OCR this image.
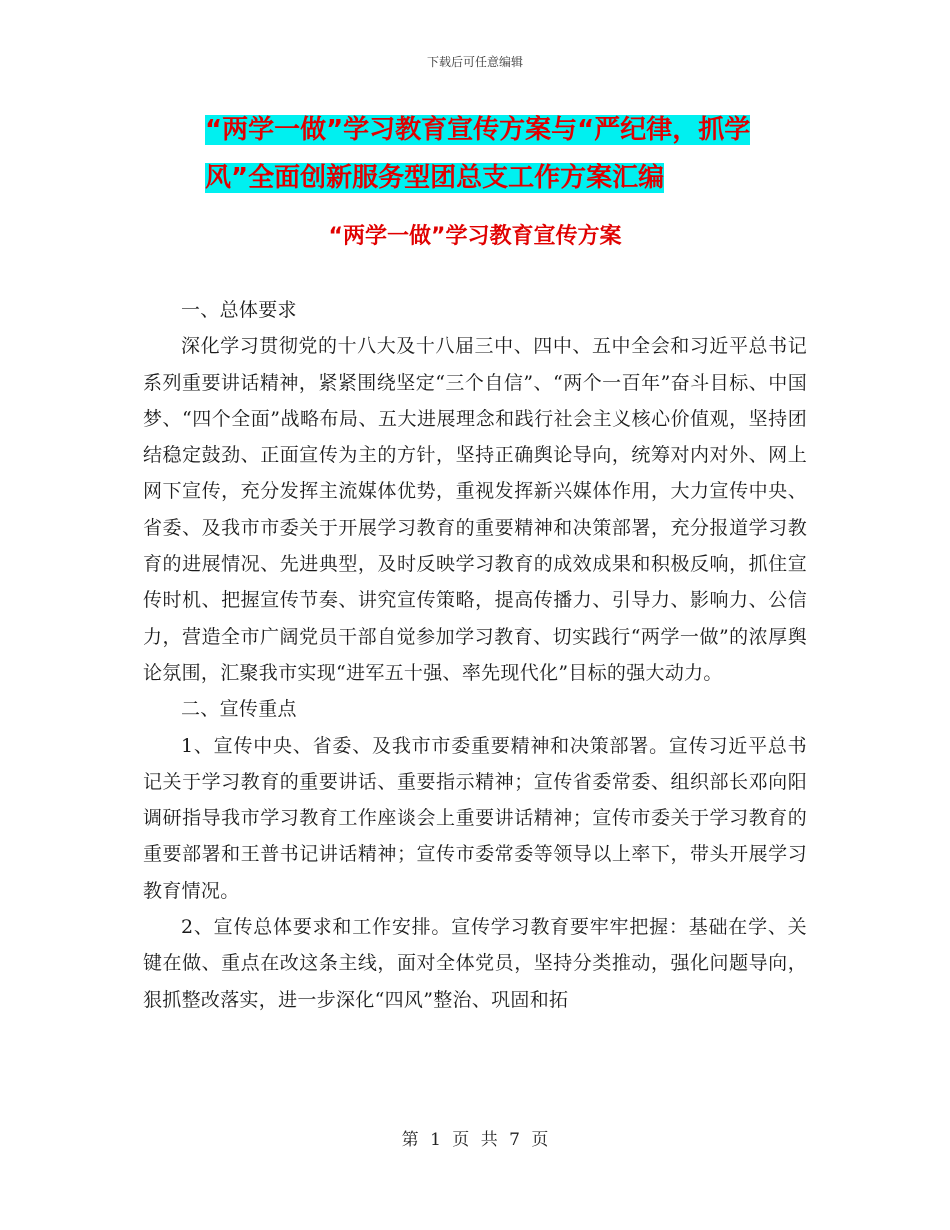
下载后可任意编辑
“两学一做”学习教育宣传方案与“严纪律，抓学
风”全面创新服务型团总支工作方案汇编
“两学一做”学习教育宣传方案

一、总体要求

深化学习贯彻党的十八大及十八届三中、四中、五中全会和习近平总书记系列重要讲话精神，紧紧围绕坚定“三个自信”、“两个一百年”奋斗目标、中国梦、“四个全面”战略布局、五大进展理念和践行社会主义核心价值观，坚持团结稳定鼓劲、正面宣传为主的方针，坚持正确舆论导向，统筹对内对外、网上网下宣传，充分发挥主流媒体优势，重视发挥新兴媒体作用，大力宣传中央、省委、及我市市委关于开展学习教育的重要精神和决策部署，充分报道学习教育的进展情况、先进典型，及时反映学习教育的成效成果和积极反响，抓住宣传时机、把握宣传节奏、讲究宣传策略，提高传播力、引导力、影响力、公信力，营造全市广阔党员干部自觉参加学习教育、切实践行“两学一做”的浓厚舆论氛围，汇聚我市实现“进军五十强、率先现代化”目标的强大动力。

二、宣传重点

1、宣传中央、省委、及我市市委重要精神和决策部署。宣传习近平总书记关于学习教育的重要讲话、重要指示精神；宣传省委常委、组织部长邓向阳调研指导我市学习教育工作座谈会上重要讲话精神；宣传市委关于学习教育的重要部署和王普书记讲话精神；宣传市委常委等领导以上率下，带头开展学习教育情况。

2、宣传总体要求和工作安排。宣传学习教育要牢牢把握：基础在学、关键在做、重点在改这条主线，面对全体党员，坚持分类推动，强化问题导向，狠抓整改落实，进一步深化“四风”整治、巩固和拓

第 1 页 共 7 页
